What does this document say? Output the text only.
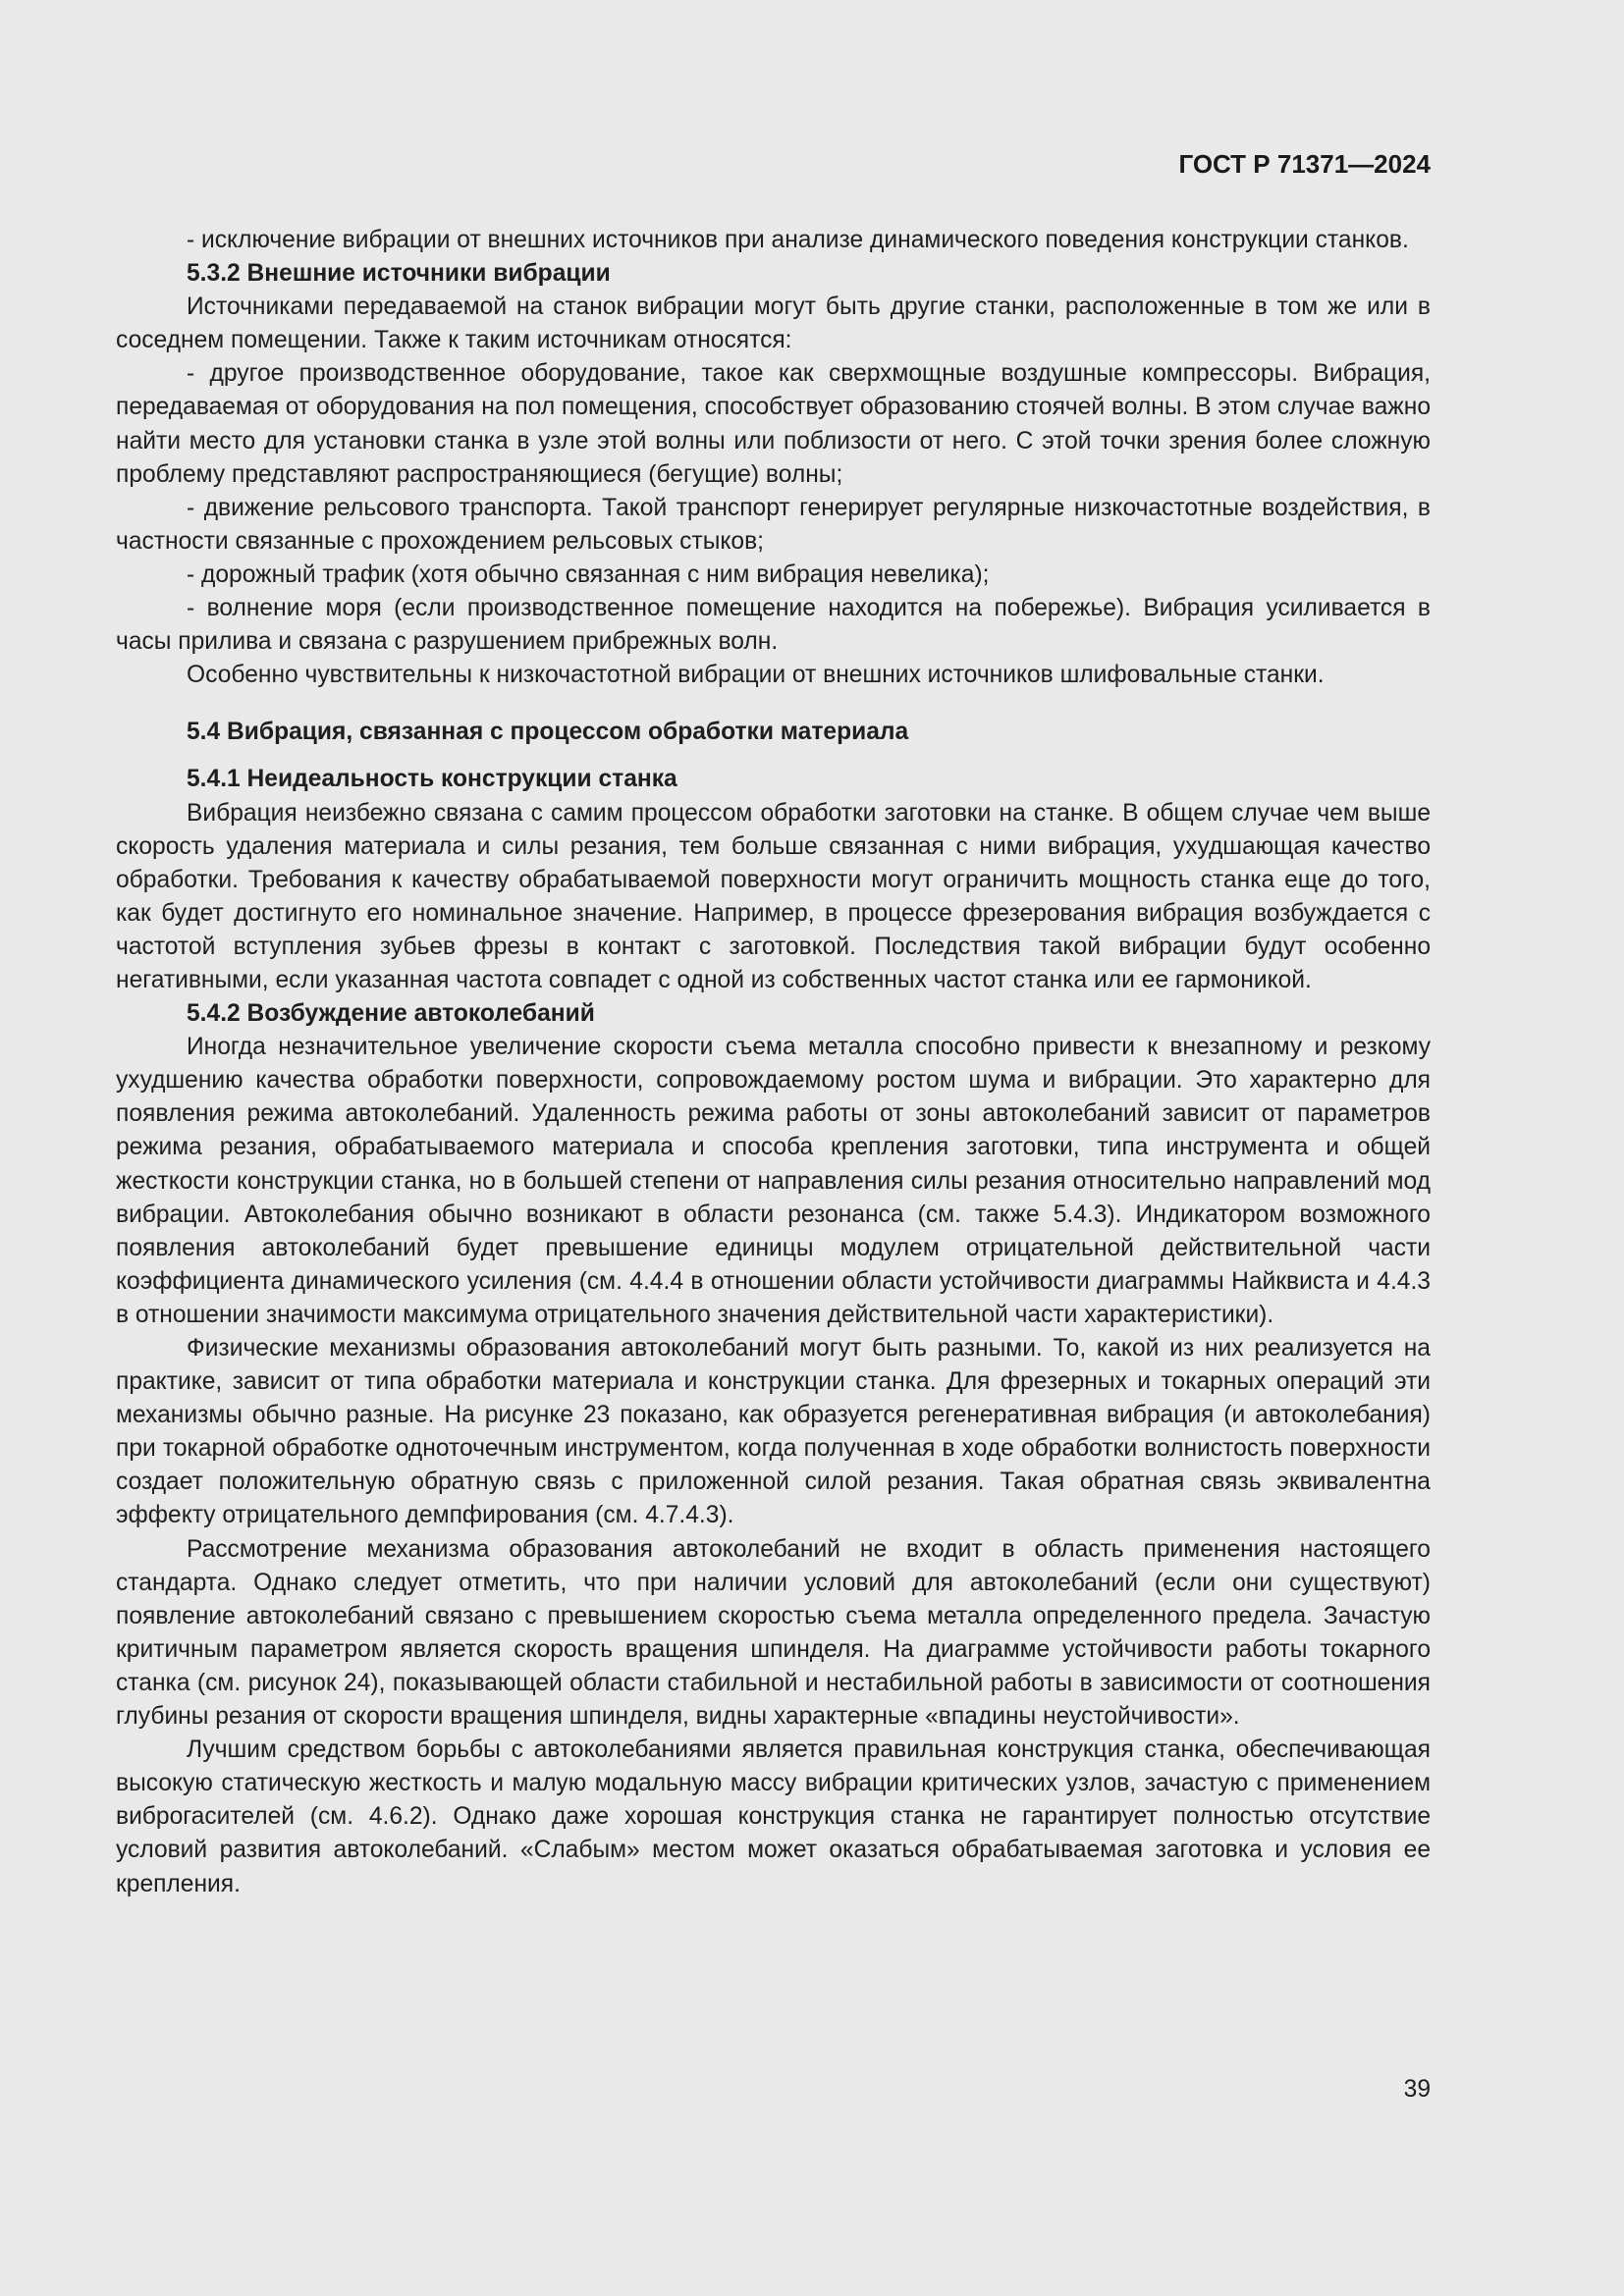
ГОСТ Р 71371—2024

- исключение вибрации от внешних источников при анализе динамического поведения конструкции станков.

5.3.2 Внешние источники вибрации

Источниками передаваемой на станок вибрации могут быть другие станки, расположенные в том же или в соседнем помещении. Также к таким источникам относятся:

- другое производственное оборудование, такое как сверхмощные воздушные компрессоры. Вибрация, передаваемая от оборудования на пол помещения, способствует образованию стоячей волны. В этом случае важно найти место для установки станка в узле этой волны или поблизости от него. С этой точки зрения более сложную проблему представляют распространяющиеся (бегущие) волны;

- движение рельсового транспорта. Такой транспорт генерирует регулярные низкочастотные воздействия, в частности связанные с прохождением рельсовых стыков;

- дорожный трафик (хотя обычно связанная с ним вибрация невелика);

- волнение моря (если производственное помещение находится на побережье). Вибрация усиливается в часы прилива и связана с разрушением прибрежных волн.

Особенно чувствительны к низкочастотной вибрации от внешних источников шлифовальные станки.

5.4 Вибрация, связанная с процессом обработки материала
5.4.1 Неидеальность конструкции станка

Вибрация неизбежно связана с самим процессом обработки заготовки на станке. В общем случае чем выше скорость удаления материала и силы резания, тем больше связанная с ними вибрация, ухудшающая качество обработки. Требования к качеству обрабатываемой поверхности могут ограничить мощность станка еще до того, как будет достигнуто его номинальное значение. Например, в процессе фрезерования вибрация возбуждается с частотой вступления зубьев фрезы в контакт с заготовкой. Последствия такой вибрации будут особенно негативными, если указанная частота совпадет с одной из собственных частот станка или ее гармоникой.

5.4.2 Возбуждение автоколебаний

Иногда незначительное увеличение скорости съема металла способно привести к внезапному и резкому ухудшению качества обработки поверхности, сопровождаемому ростом шума и вибрации. Это характерно для появления режима автоколебаний. Удаленность режима работы от зоны автоколебаний зависит от параметров режима резания, обрабатываемого материала и способа крепления заготовки, типа инструмента и общей жесткости конструкции станка, но в большей степени от направления силы резания относительно направлений мод вибрации. Автоколебания обычно возникают в области резонанса (см. также 5.4.3). Индикатором возможного появления автоколебаний будет превышение единицы модулем отрицательной действительной части коэффициента динамического усиления (см. 4.4.4 в отношении области устойчивости диаграммы Найквиста и 4.4.3 в отношении значимости максимума отрицательного значения действительной части характеристики).

Физические механизмы образования автоколебаний могут быть разными. То, какой из них реализуется на практике, зависит от типа обработки материала и конструкции станка. Для фрезерных и токарных операций эти механизмы обычно разные. На рисунке 23 показано, как образуется регенеративная вибрация (и автоколебания) при токарной обработке одноточечным инструментом, когда полученная в ходе обработки волнистость поверхности создает положительную обратную связь с приложенной силой резания. Такая обратная связь эквивалентна эффекту отрицательного демпфирования (см. 4.7.4.3).

Рассмотрение механизма образования автоколебаний не входит в область применения настоящего стандарта. Однако следует отметить, что при наличии условий для автоколебаний (если они существуют) появление автоколебаний связано с превышением скоростью съема металла определенного предела. Зачастую критичным параметром является скорость вращения шпинделя. На диаграмме устойчивости работы токарного станка (см. рисунок 24), показывающей области стабильной и нестабильной работы в зависимости от соотношения глубины резания от скорости вращения шпинделя, видны характерные «впадины неустойчивости».

Лучшим средством борьбы с автоколебаниями является правильная конструкция станка, обеспечивающая высокую статическую жесткость и малую модальную массу вибрации критических узлов, зачастую с применением виброгасителей (см. 4.6.2). Однако даже хорошая конструкция станка не гарантирует полностью отсутствие условий развития автоколебаний. «Слабым» местом может оказаться обрабатываемая заготовка и условия ее крепления.

39
